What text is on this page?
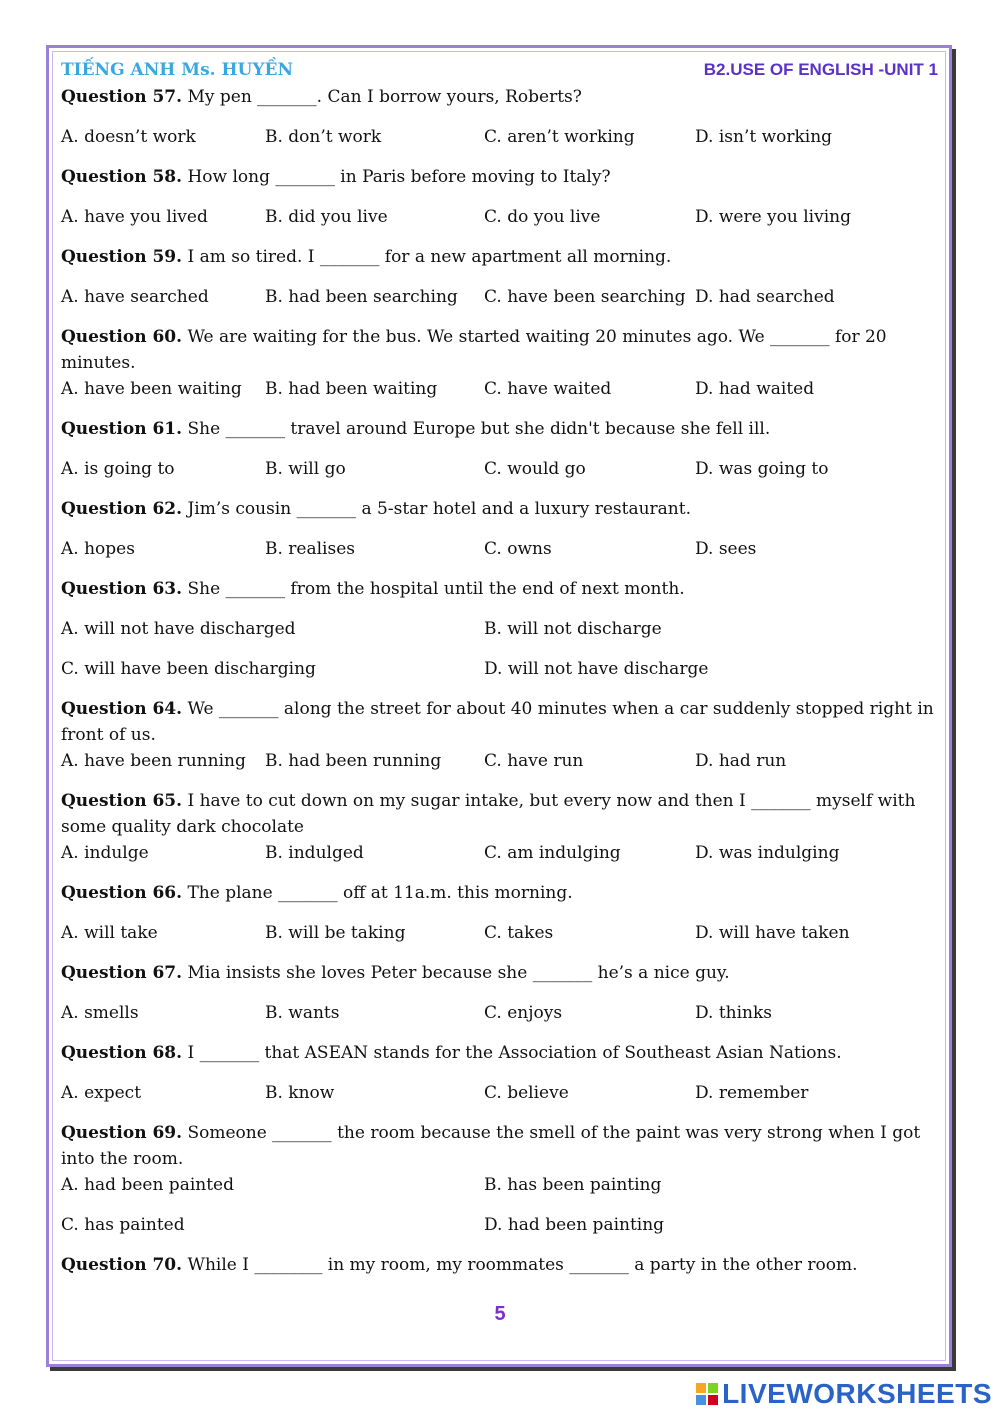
TIẾNG ANH Ms. HUYỀN	B2.USE OF ENGLISH -UNIT 1

Question 57. My pen _______. Can I borrow yours, Roberts?

A. doesn’t work	B. don’t work	C. aren’t working	D. isn’t working

Question 58. How long _______ in Paris before moving to Italy?

A. have you lived	B. did you live	C. do you live	D. were you living

Question 59. I am so tired. I _______ for a new apartment all morning.

A. have searched	B. had been searching C. have been searching D. had searched

Question 60. We are waiting for the bus. We started waiting 20 minutes ago. We _______ for 20
minutes.

A. have been waiting B. had been waiting	C. have waited	D. had waited

Question 61. She _______ travel around Europe but she didn't because she fell ill.

A. is going to	B. will go	C. would go	D. was going to

Question 62. Jim’s cousin _______ a 5-star hotel and a luxury restaurant.

A. hopes	B. realises	C. owns	D. sees

Question 63. She _______ from the hospital until the end of next month.

A. will not have discharged	B. will not discharge
C. will have been discharging	D. will not have discharge

Question 64. We _______ along the street for about 40 minutes when a car suddenly stopped right in
front of us.

A. have been running B. had been running	C. have run	D. had run

Question 65. I have to cut down on my sugar intake, but every now and then I _______ myself with
some quality dark chocolate

A. indulge	B. indulged	C. am indulging	D. was indulging

Question 66. The plane _______ off at 11a.m. this morning.

A. will take	B. will be taking	C. takes	D. will have taken

Question 67. Mia insists she loves Peter because she _______ he’s a nice guy.

A. smells	B. wants	C. enjoys	D. thinks

Question 68. I _______ that ASEAN stands for the Association of Southeast Asian Nations.

A. expect	B. know	C. believe	D. remember

Question 69. Someone _______ the room because the smell of the paint was very strong when I got
into the room.

A. had been painted	B. has been painting
C. has painted	D. had been painting

Question 70. While I ________ in my room, my roommates _______ a party in the other room.

5
LIVEWORKSHEETS
